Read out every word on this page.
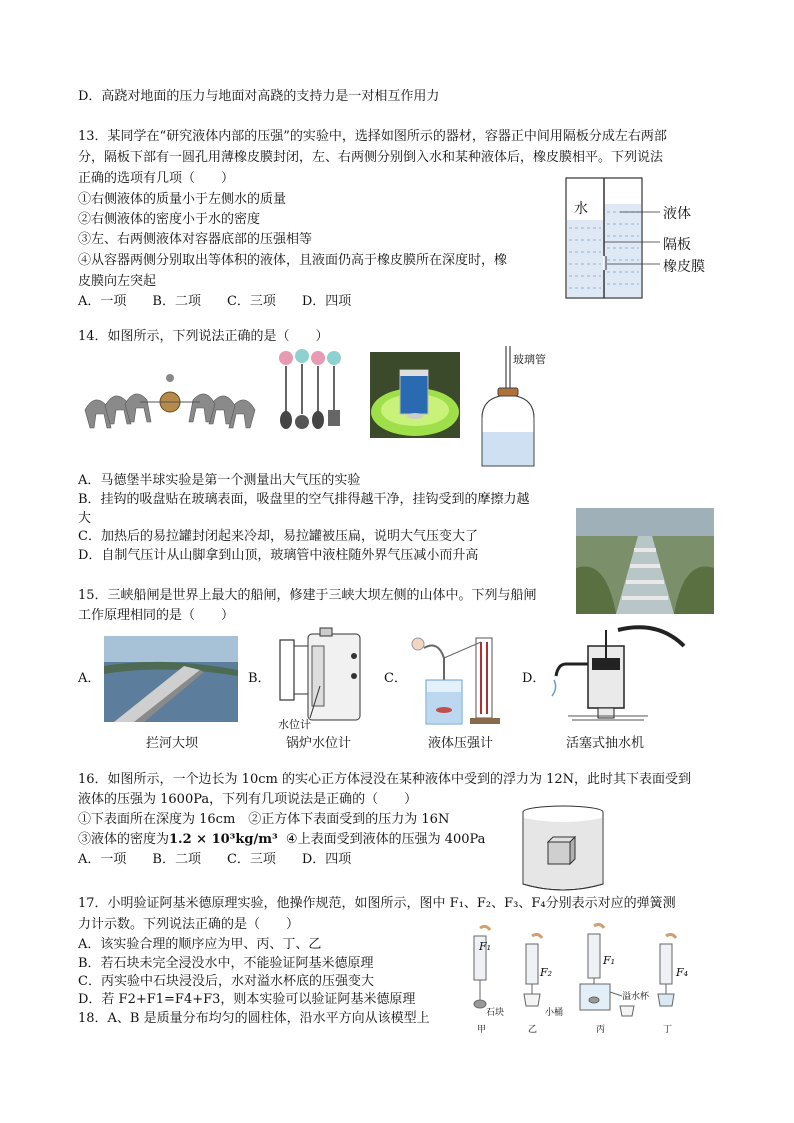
D．高跷对地面的压力与地面对高跷的支持力是一对相互作用力
13．某同学在“研究液体内部的压强”的实验中，选择如图所示的器材，容器正中间用隔板分成左右两部
分，隔板下部有一圆孔用薄橡皮膜封闭，左、右两侧分别倒入水和某种液体后，橡皮膜相平。下列说法
正确的选项有几项（　　）
①右侧液体的质量小于左侧水的质量
②右侧液体的密度小于水的密度
③左、右两侧液体对容器底部的压强相等
④从容器两侧分别取出等体积的液体，且液面仍高于橡皮膜所在深度时，橡
皮膜向左突起
A．一项　　B．二项　　C．三项　　D．四项
水	液体
隔板
橡皮膜
14．如图所示，下列说法正确的是（　　）
玻璃管
A．马德堡半球实验是第一个测量出大气压的实验
B．挂钩的吸盘贴在玻璃表面，吸盘里的空气排得越干净，挂钩受到的摩擦力越
大
C．加热后的易拉罐封闭起来冷却，易拉罐被压扁，说明大气压变大了
D．自制气压计从山脚拿到山顶，玻璃管中液柱随外界气压减小而升高
15．三峡船闸是世界上最大的船闸，修建于三峡大坝左侧的山体中。下列与船闸
工作原理相同的是（　　）
A．
拦河大坝
B．
水位计
锅炉水位计
C．
液体压强计
D．
活塞式抽水机
16．如图所示，一个边长为 10cm 的实心正方体浸没在某种液体中受到的浮力为 12N，此时其下表面受到
液体的压强为 1600Pa，下列有几项说法是正确的（　　）
①下表面所在深度为 16cm　②正方体下表面受到的压力为 16N
③液体的密度为1.2 × 10³kg/m³ ④上表面受到液体的压强为 400Pa
A．一项　　B．二项　　C．三项　　D．四项
17．小明验证阿基米德原理实验，他操作规范，如图所示，图中 F₁、F₂、F₃、F₄分别表示对应的弹簧测
力计示数。下列说法正确的是（　　）
A．该实验合理的顺序应为甲、丙、丁、乙
B．若石块未完全浸没水中，不能验证阿基米德原理
C．丙实验中石块浸没后，水对溢水杯底的压强变大
D．若 F2+F1=F4+F3，则本实验可以验证阿基米德原理
18．A、B 是质量分布均匀的圆柱体，沿水平方向从该模型上
F₁
F₂
F₁
F₄
石块	小桶
溢水杯
甲	乙	丙	丁
